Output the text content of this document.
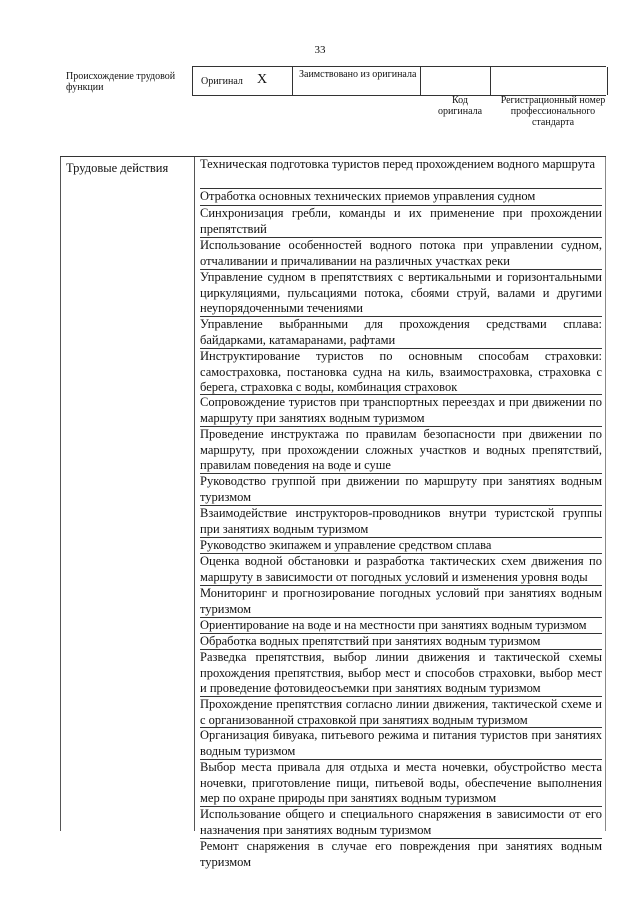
33
Происхождение трудовой функции
Оригинал Х	Заимствовано из оригинала
Код оригинала
Регистрационный номер профессионального стандарта
Трудовые действия	Техническая подготовка туристов перед прохождением водного маршрута
Отработка основных технических приемов управления судном
Синхронизация гребли, команды и их применение при прохождении препятствий
Использование особенностей водного потока при управлении судном, отчаливании и причаливании на различных участках реки
Управление судном в препятствиях с вертикальными и горизонтальными циркуляциями, пульсациями потока, сбоями струй, валами и другими неупорядоченными течениями
Управление выбранными для прохождения средствами сплава: байдарками, катамаранами, рафтами
Инструктирование туристов по основным способам страховки: самостраховка, постановка судна на киль, взаимостраховка, страховка с берега, страховка с воды, комбинация страховок
Сопровождение туристов при транспортных переездах и при движении по маршруту при занятиях водным туризмом
Проведение инструктажа по правилам безопасности при движении по маршруту, при прохождении сложных участков и водных препятствий, правилам поведения на воде и суше
Руководство группой при движении по маршруту при занятиях водным туризмом
Взаимодействие инструкторов-проводников внутри туристской группы при занятиях водным туризмом
Руководство экипажем и управление средством сплава
Оценка водной обстановки и разработка тактических схем движения по маршруту в зависимости от погодных условий и изменения уровня воды
Мониторинг и прогнозирование погодных условий при занятиях водным туризмом
Ориентирование на воде и на местности при занятиях водным туризмом
Обработка водных препятствий при занятиях водным туризмом
Разведка препятствия, выбор линии движения и тактической схемы прохождения препятствия, выбор мест и способов страховки, выбор мест и проведение фотовидеосъемки при занятиях водным туризмом
Прохождение препятствия согласно линии движения, тактической схеме и с организованной страховкой при занятиях водным туризмом
Организация бивуака, питьевого режима и питания туристов при занятиях водным туризмом
Выбор места привала для отдыха и места ночевки, обустройство места ночевки, приготовление пищи, питьевой воды, обеспечение выполнения мер по охране природы при занятиях водным туризмом
Использование общего и специального снаряжения в зависимости от его назначения при занятиях водным туризмом
Ремонт снаряжения в случае его повреждения при занятиях водным туризмом
